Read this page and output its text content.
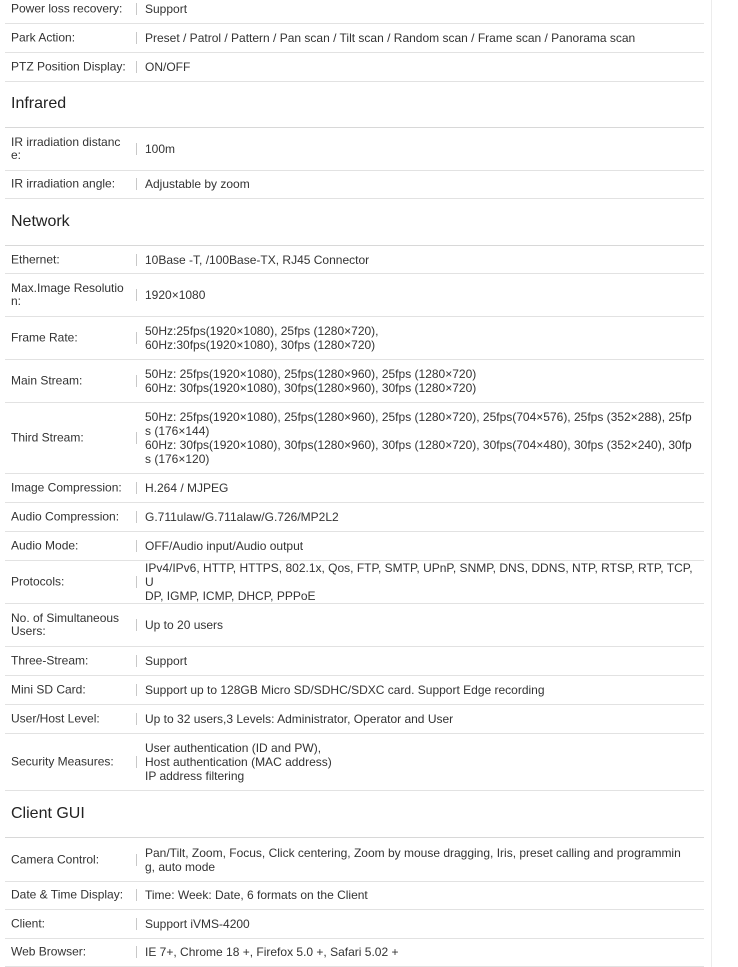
Power loss recovery:	Support
Park Action:	Preset / Patrol / Pattern / Pan scan / Tilt scan / Random scan / Frame scan / Panorama scan
PTZ Position Display:	ON/OFF
Infrared
IR irradiation distanc
e:	100m
IR irradiation angle:	Adjustable by zoom
Network
Ethernet:	10Base -T, /100Base-TX, RJ45 Connector
Max.Image Resolutio
n:	1920×1080
Frame Rate:	50Hz:25fps(1920×1080), 25fps (1280×720),
60Hz:30fps(1920×1080), 30fps (1280×720)
Main Stream:	50Hz: 25fps(1920×1080), 25fps(1280×960), 25fps (1280×720)
60Hz: 30fps(1920×1080), 30fps(1280×960), 30fps (1280×720)
Third Stream:
50Hz: 25fps(1920×1080), 25fps(1280×960), 25fps (1280×720), 25fps(704×576), 25fps (352×288), 25fp
s (176×144)
60Hz: 30fps(1920×1080), 30fps(1280×960), 30fps (1280×720), 30fps(704×480), 30fps (352×240), 30fp
s (176×120)
Image Compression:	H.264 / MJPEG
Audio Compression:	G.711ulaw/G.711alaw/G.726/MP2L2
Audio Mode:	OFF/Audio input/Audio output
Protocols:
IPv4/IPv6, HTTP, HTTPS, 802.1x, Qos, FTP, SMTP, UPnP, SNMP, DNS, DDNS, NTP, RTSP, RTP, TCP, U
DP, IGMP, ICMP, DHCP, PPPoE
No. of Simultaneous
Users:	Up to 20 users
Three-Stream:	Support
Mini SD Card:	Support up to 128GB Micro SD/SDHC/SDXC card. Support Edge recording
User/Host Level:	Up to 32 users,3 Levels: Administrator, Operator and User
Security Measures:
User authentication (ID and PW),
Host authentication (MAC address)
IP address filtering
Client GUI
Camera Control:	Pan/Tilt, Zoom, Focus, Click centering, Zoom by mouse dragging, Iris, preset calling and programmin
g, auto mode
Date & Time Display:	Time: Week: Date, 6 formats on the Client
Client:	Support iVMS-4200
Web Browser:	IE 7+, Chrome 18 +, Firefox 5.0 +, Safari 5.02 +
